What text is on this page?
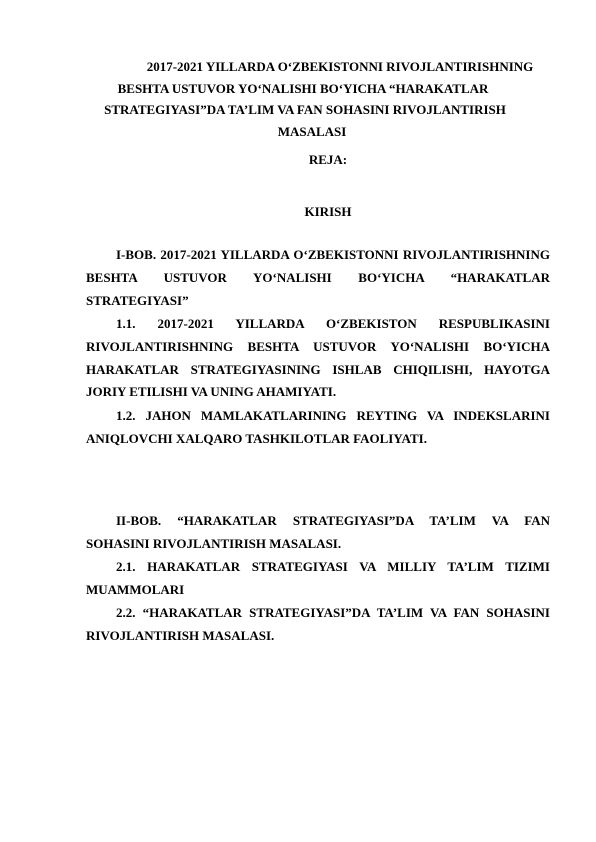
2017-2021 YILLARDA O‘ZBEKISTONNI RIVOJLANTIRISHNING
BESHTA USTUVOR YO‘NALISHI BO‘YICHA “HARAKATLAR
STRATEGIYASI”DA TA’LIM VA FAN SOHASINI RIVOJLANTIRISH
MASALASI
REJA:
KIRISH
I-BOB. 2017-2021 YILLARDA O‘ZBEKISTONNI RIVOJLANTIRISHNING BESHTA USTUVOR YO‘NALISHI BO‘YICHA “HARAKATLAR STRATEGIYASI”
1.1. 2017-2021 YILLARDA O‘ZBEKISTON RESPUBLIKASINI RIVOJLANTIRISHNING BESHTA USTUVOR YO‘NALISHI BO‘YICHA HARAKATLAR STRATEGIYASINING ISHLAB CHIQILISHI, HAYOTGA JORIY ETILISHI VA UNING AHAMIYATI.
1.2. JAHON MAMLAKATLARINING REYTING VA INDEKSLARINI ANIQLOVCHI XALQARO TASHKILOTLAR FAOLIYATI.
II-BOB. “HARAKATLAR STRATEGIYASI”DA TA’LIM VA FAN SOHASINI RIVOJLANTIRISH MASALASI.
2.1. HARAKATLAR STRATEGIYASI VA MILLIY TA’LIM TIZIMI MUAMMOLARI
2.2. “HARAKATLAR STRATEGIYASI”DA TA’LIM VA FAN SOHASINI RIVOJLANTIRISH MASALASI.
